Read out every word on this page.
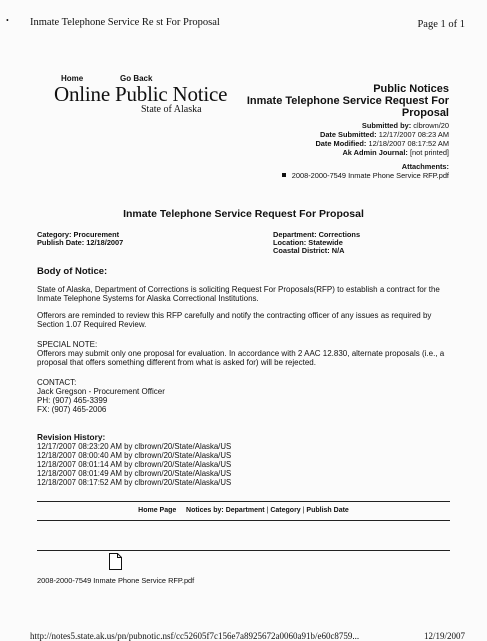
• Inmate Telephone Service Re st For Proposal	Page 1 of 1
Home	Go Back
Online Public Notice
State of Alaska
Public Notices
Inmate Telephone Service Request For
Proposal
Submitted by: clbrown/20
Date Submitted: 12/17/2007 08:23 AM
Date Modified: 12/18/2007 08:17:52 AM
Ak Admin Journal: [not printed]
Attachments:
2008-2000-7549 Inmate Phone Service RFP.pdf
Inmate Telephone Service Request For Proposal
Category: Procurement
Publish Date: 12/18/2007
Department: Corrections
Location: Statewide
Coastal District: N/A
Body of Notice:
State of Alaska, Department of Corrections is soliciting Request For Proposals(RFP) to establish a contract for the Inmate Telephone Systems for Alaska Correctional Institutions.
Offerors are reminded to review this RFP carefully and notify the contracting officer of any issues as required by Section 1.07 Required Review.
SPECIAL NOTE:
Offerors may submit only one proposal for evaluation. In accordance with 2 AAC 12.830, alternate proposals (i.e., a proposal that offers something different from what is asked for) will be rejected.
CONTACT:
Jack Gregson - Procurement Officer
PH: (907) 465-3399
FX: (907) 465-2006
Revision History:
12/17/2007 08:23:20 AM by clbrown/20/State/Alaska/US
12/18/2007 08:00:40 AM by clbrown/20/State/Alaska/US
12/18/2007 08:01:14 AM by clbrown/20/State/Alaska/US
12/18/2007 08:01:49 AM by clbrown/20/State/Alaska/US
12/18/2007 08:17:52 AM by clbrown/20/State/Alaska/US
Home Page Notices by: Department | Category | Publish Date
2008-2000-7549 Inmate Phone Service RFP.pdf
http://notes5.state.ak.us/pn/pubnotic.nsf/cc52605f7c156e7a8925672a0060a91b/e60c8759...	12/19/2007
